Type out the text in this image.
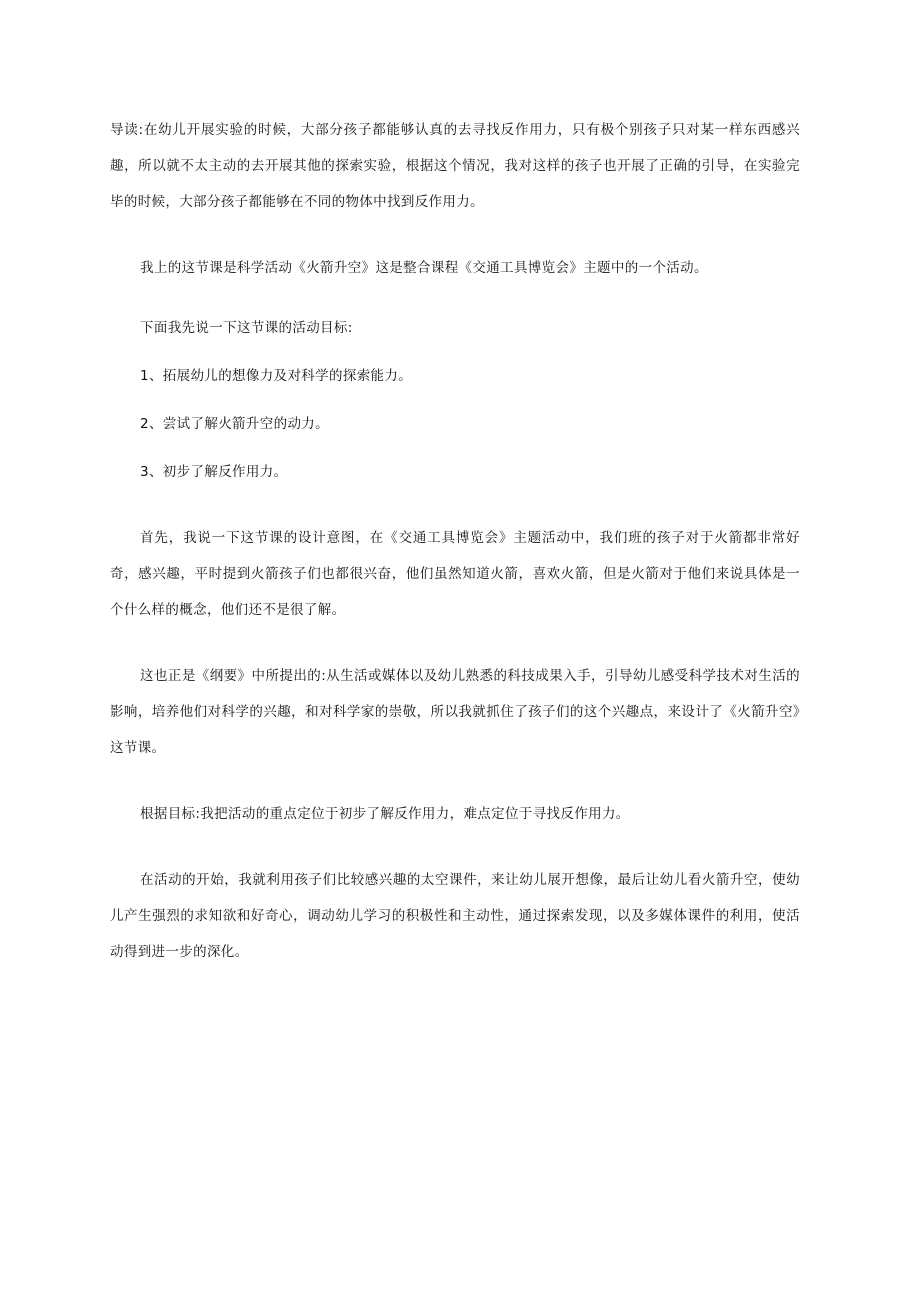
导读:在幼儿开展实验的时候，大部分孩子都能够认真的去寻找反作用力，只有极个别孩子只对某一样东西感兴趣，所以就不太主动的去开展其他的探索实验，根据这个情况，我对这样的孩子也开展了正确的引导，在实验完毕的时候，大部分孩子都能够在不同的物体中找到反作用力。

我上的这节课是科学活动《火箭升空》这是整合课程《交通工具博览会》主题中的一个活动。

下面我先说一下这节课的活动目标:

1、拓展幼儿的想像力及对科学的探索能力。

2、尝试了解火箭升空的动力。

3、初步了解反作用力。

首先，我说一下这节课的设计意图，在《交通工具博览会》主题活动中，我们班的孩子对于火箭都非常好奇，感兴趣，平时提到火箭孩子们也都很兴奋，他们虽然知道火箭，喜欢火箭，但是火箭对于他们来说具体是一个什么样的概念，他们还不是很了解。

这也正是《纲要》中所提出的:从生活或媒体以及幼儿熟悉的科技成果入手，引导幼儿感受科学技术对生活的影响，培养他们对科学的兴趣，和对科学家的崇敬，所以我就抓住了孩子们的这个兴趣点，来设计了《火箭升空》这节课。

根据目标:我把活动的重点定位于初步了解反作用力，难点定位于寻找反作用力。

在活动的开始，我就利用孩子们比较感兴趣的太空课件，来让幼儿展开想像，最后让幼儿看火箭升空，使幼儿产生强烈的求知欲和好奇心，调动幼儿学习的积极性和主动性，通过探索发现，以及多媒体课件的利用，使活动得到进一步的深化。
